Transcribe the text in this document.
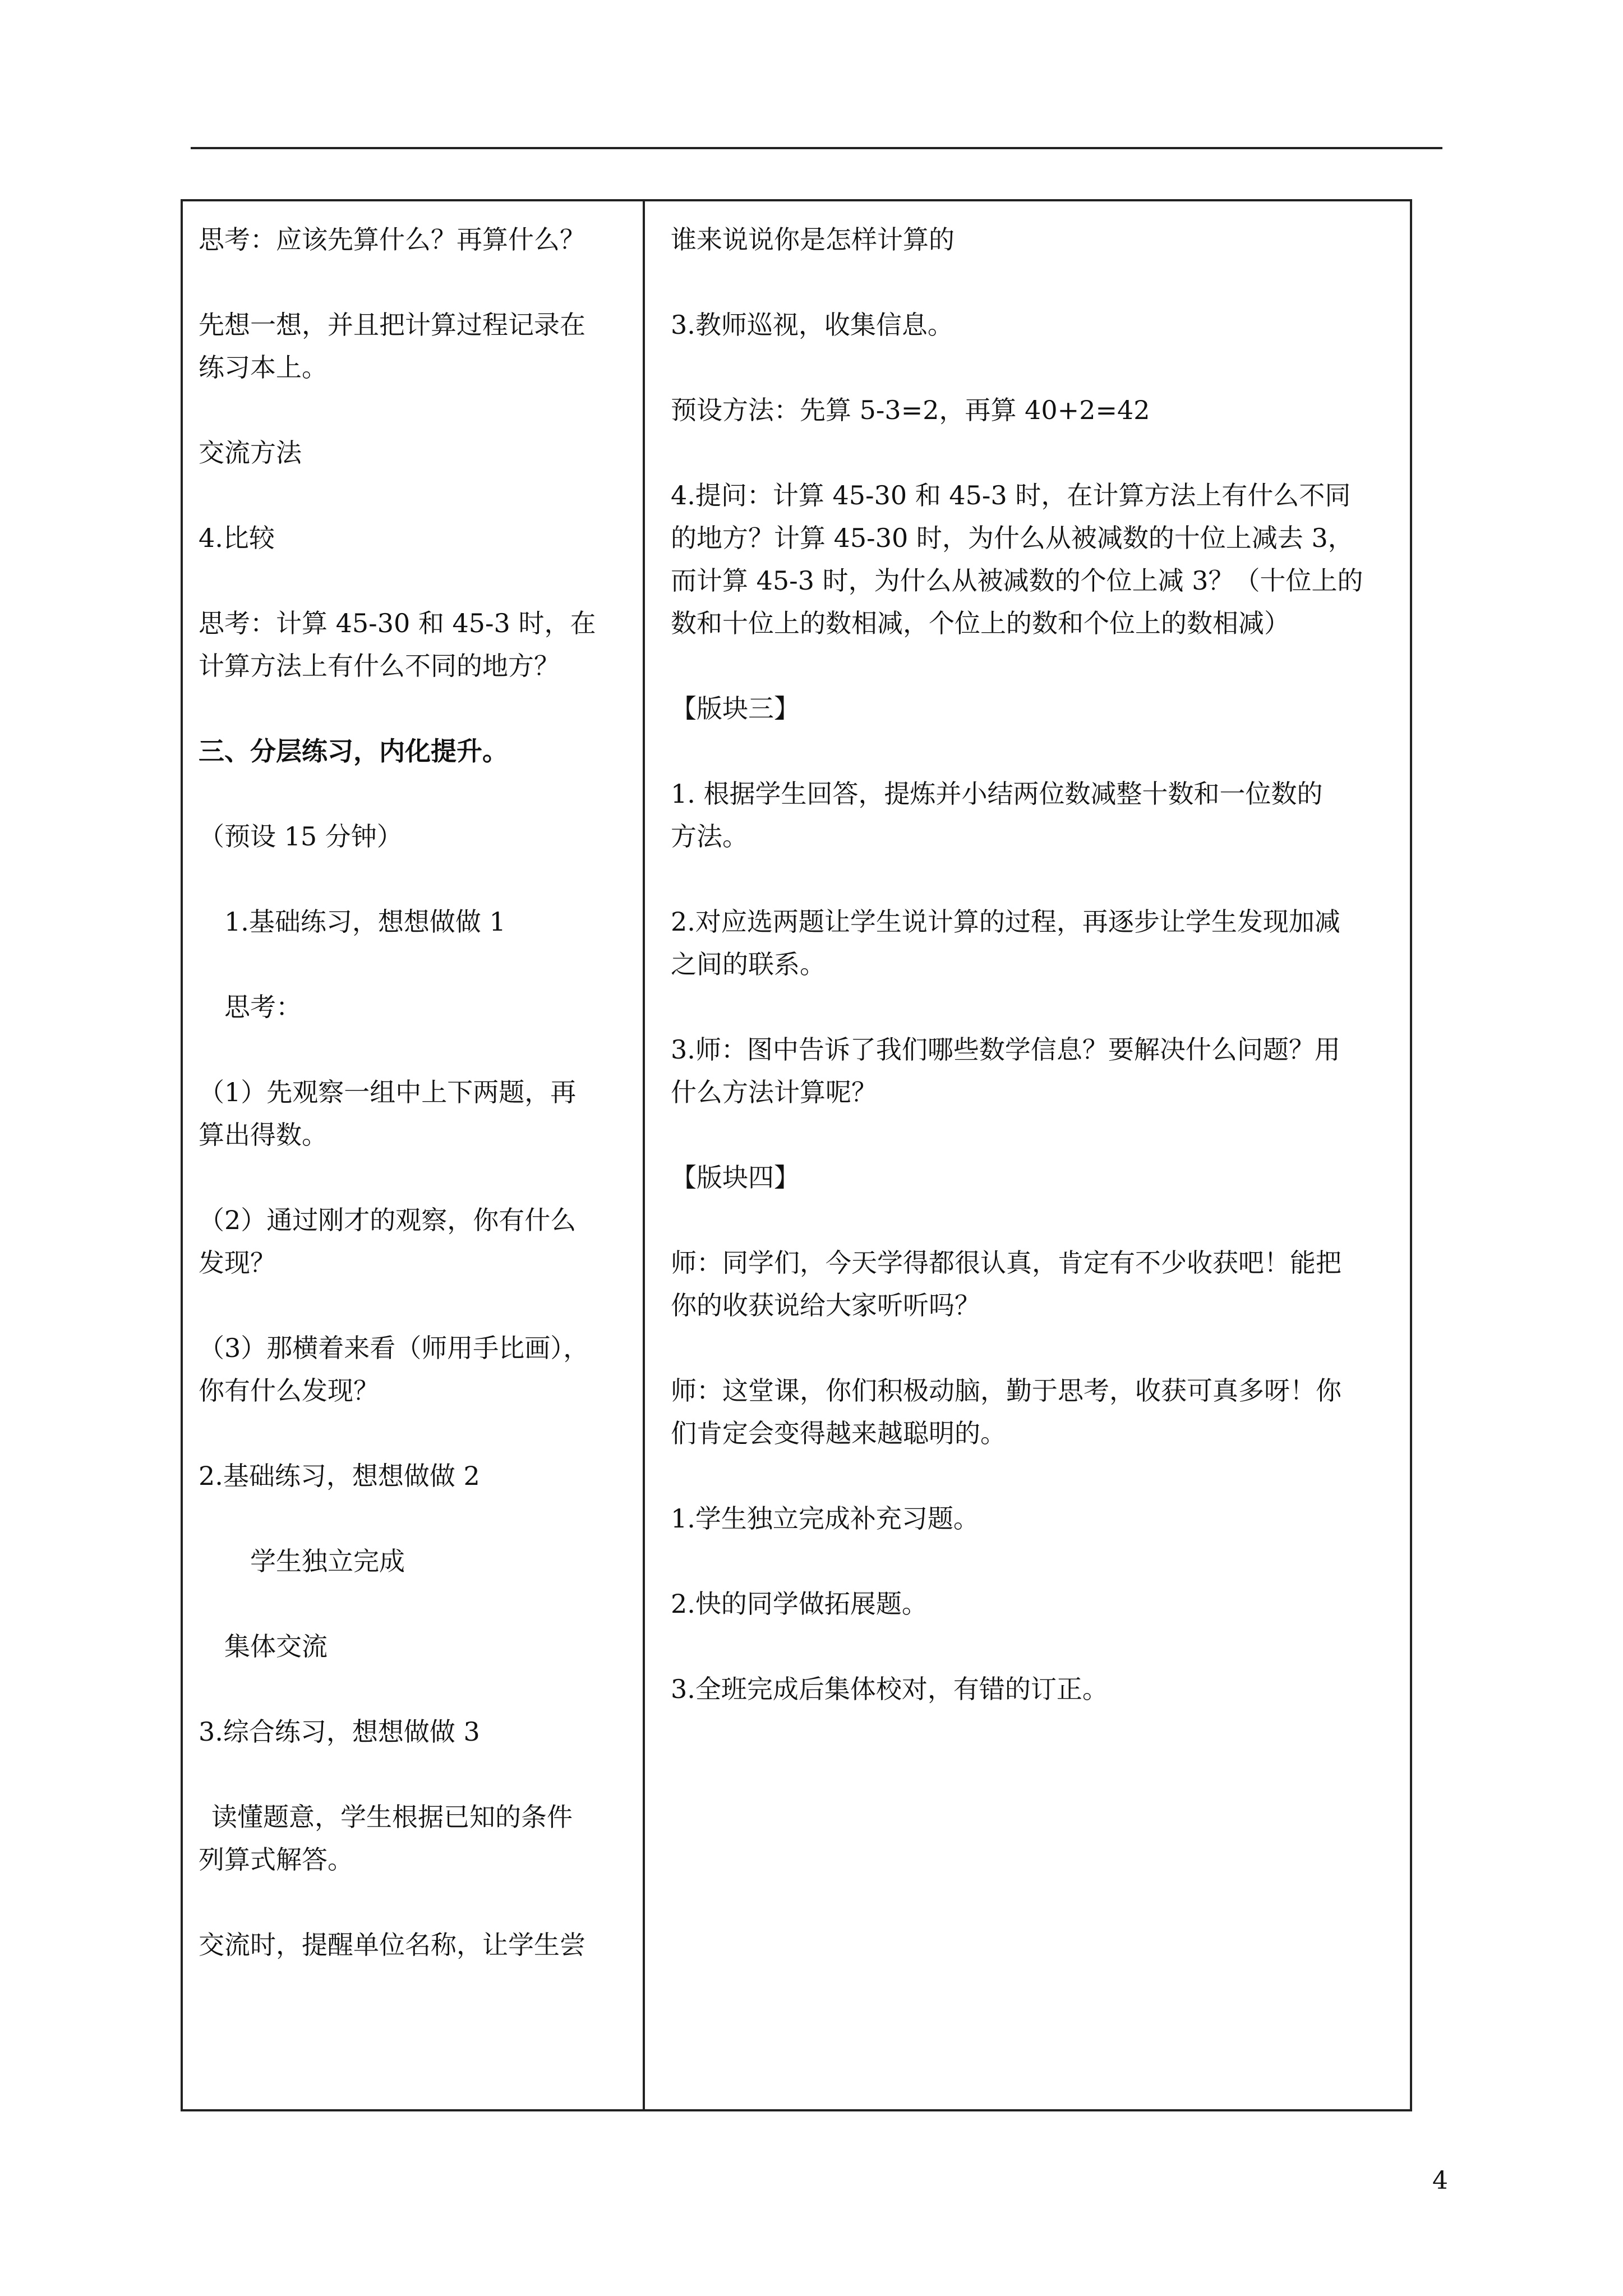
思考：应该先算什么？再算什么？

先想一想，并且把计算过程记录在

练习本上。

交流方法

4.比较

思考：计算 45-30 和 45-3 时，在

计算方法上有什么不同的地方？

三、分层练习，内化提升。

（预设 15 分钟）

1.基础练习，想想做做 1

思考：

（1）先观察一组中上下两题，再

算出得数。

（2）通过刚才的观察，你有什么

发现？

（3）那横着来看（师用手比画），

你有什么发现？

2.基础练习，想想做做 2

学生独立完成

集体交流

3.综合练习，想想做做 3

读懂题意，学生根据已知的条件

列算式解答。

交流时，提醒单位名称，让学生尝

谁来说说你是怎样计算的

3.教师巡视，收集信息。

预设方法：先算 5-3=2，再算 40+2=42

4.提问：计算 45-30 和 45-3 时，在计算方法上有什么不同

的地方？计算 45-30 时，为什么从被减数的十位上减去 3，

而计算 45-3 时，为什么从被减数的个位上减 3？（十位上的

数和十位上的数相减，个位上的数和个位上的数相减）

【版块三】

1. 根据学生回答，提炼并小结两位数减整十数和一位数的

方法。

2.对应选两题让学生说计算的过程，再逐步让学生发现加减

之间的联系。

3.师：图中告诉了我们哪些数学信息？要解决什么问题？用

什么方法计算呢？

【版块四】

师：同学们，今天学得都很认真，肯定有不少收获吧！能把

你的收获说给大家听听吗？

师：这堂课，你们积极动脑，勤于思考，收获可真多呀！你

们肯定会变得越来越聪明的。

1.学生独立完成补充习题。

2.快的同学做拓展题。

3.全班完成后集体校对，有错的订正。

4
